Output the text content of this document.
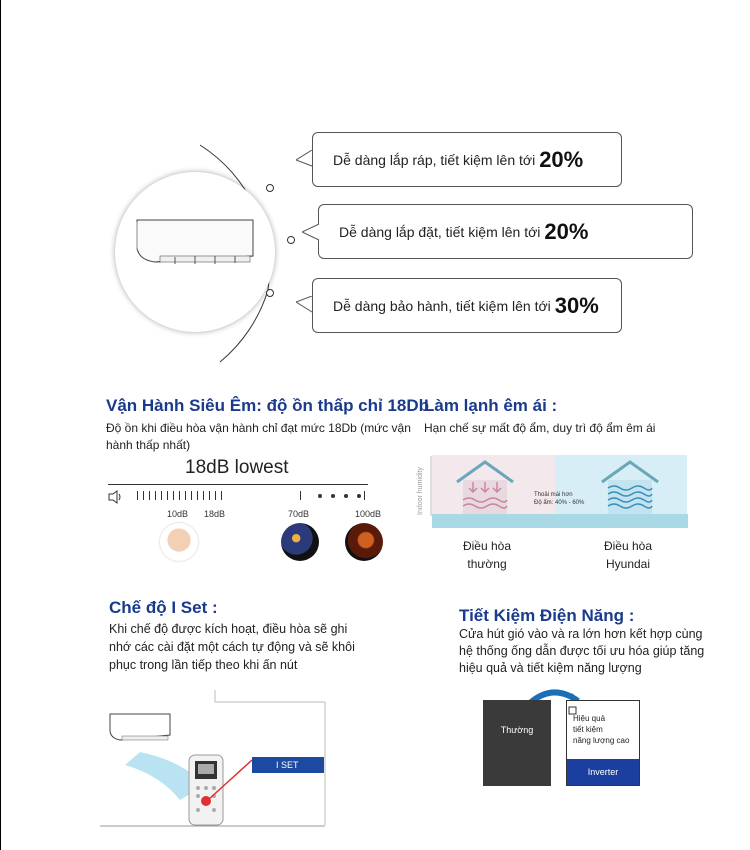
Dễ dàng lắp ráp, tiết kiệm lên tới 20%
Dễ dàng lắp đặt, tiết kiệm lên tới 20%
Dễ dàng bảo hành, tiết kiệm lên tới 30%
Vận Hành Siêu Êm: độ ồn thấp chỉ 18Db
Độ ồn khi điều hòa vận hành chỉ đạt mức 18Db (mức vận hành thấp nhất)
18dB lowest
10dB 18dB	70dB	100dB
Làm lạnh êm ái :
Hạn chế sự mất độ ẩm, duy trì độ ẩm êm ái
Indoor humidity	Thoải mái hơn
Độ ẩm: 40% - 60%
Điều hòa
thường
Điều hòa
Hyundai
Chế độ I Set :
Khi chế độ được kích hoạt, điều hòa sẽ ghi nhớ các cài đặt một cách tự động và sẽ khôi phục trong lần tiếp theo khi ấn nút
I SET
Tiết Kiệm Điện Năng :
Cửa hút gió vào và ra lớn hơn kết hợp cùng hệ thống ống dẫn được tối ưu hóa giúp tăng hiệu quả và tiết kiệm năng lượng
Thường
Hiệu quả
tiết kiệm
năng lượng cao
Inverter
